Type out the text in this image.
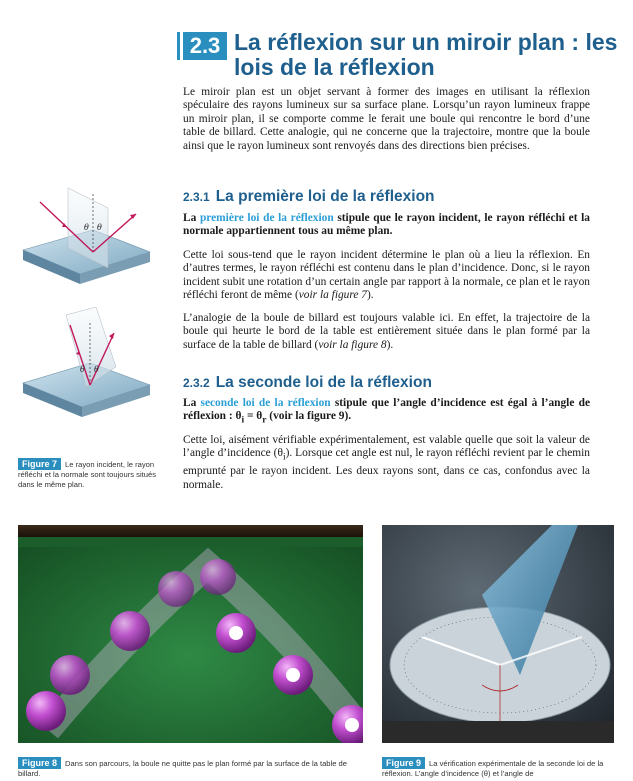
2.3 La réflexion sur un miroir plan : les lois de la réflexion
Le miroir plan est un objet servant à former des images en utilisant la réflexion spéculaire des rayons lumineux sur sa surface plane. Lorsqu’un rayon lumineux frappe un miroir plan, il se comporte comme le ferait une boule qui rencontre le bord d’une table de billard. Cette analogie, qui ne concerne que la trajectoire, montre que la boule ainsi que le rayon lumineux sont renvoyés dans des directions bien précises.
2.3.1 La première loi de la réflexion
La première loi de la réflexion stipule que le rayon incident, le rayon réfléchi et la normale appartiennent tous au même plan.
Cette loi sous-tend que le rayon incident détermine le plan où a lieu la réflexion. En d’autres termes, le rayon réfléchi est contenu dans le plan d’incidence. Donc, si le rayon incident subit une rotation d’un certain angle par rapport à la normale, ce plan et le rayon réfléchi feront de même (voir la figure 7).
L’analogie de la boule de billard est toujours valable ici. En effet, la trajectoire de la boule qui heurte le bord de la table est entièrement située dans le plan formé par la surface de la table de billard (voir la figure 8).
2.3.2 La seconde loi de la réflexion
La seconde loi de la réflexion stipule que l’angle d’incidence est égal à l’angle de réflexion : $\theta_i = \theta_r$ (voir la figure 9).
Cette loi, aisément vérifiable expérimentalement, est valable quelle que soit la valeur de l’angle d’incidence $(\theta_i)$. Lorsque cet angle est nul, le rayon réfléchi revient par le chemin emprunté par le rayon incident. Les deux rayons sont, dans ce cas, confondus avec la normale.
θ θ
θ θ
Figure 7 Le rayon incident, le rayon réfléchi et la normale sont toujours situés dans le même plan.
Figure 8 Dans son parcours, la boule ne quitte pas le plan formé par la surface de la table de billard.
Figure 9 La vérification expérimentale de la seconde loi de la réflexion. L’angle d’incidence (θ) et l’angle de
